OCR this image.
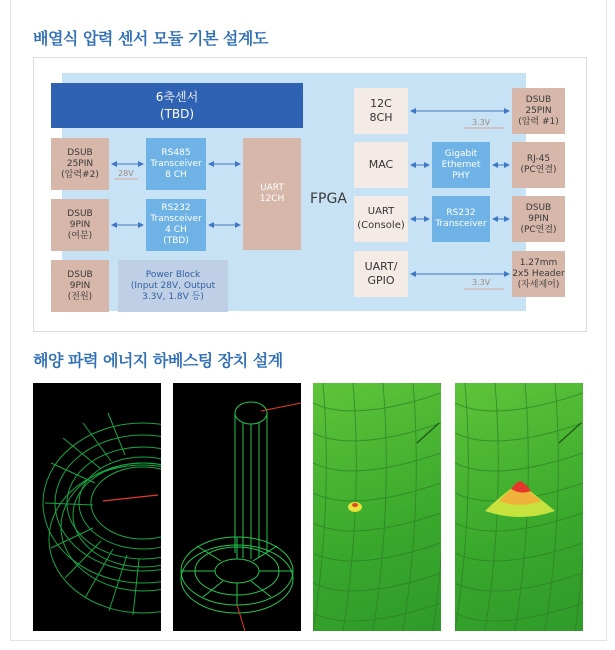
배열식 압력 센서 모듈 기본 설계도
FPGA
6축센서
(TBD)
DSUB
25PIN
(압력#2)
DSUB
9PIN
(여분)
DSUB
9PIN
(전원)
28V
RS485
Transceiver
8 CH
RS232
Transceiver
4 CH
(TBD)
Power Block
(Input 28V, Output
3.3V, 1.8V 등)
UART
12CH
12C
8CH
MAC
UART
(Console)
UART/
GPIO
Gigabit
Ethernet
PHY
RS232
Transceiver
DSUB
25PIN
(압력 #1)
RJ-45
(PC연결)
DSUB
9PIN
(PC연결)
1.27mm
2x5 Header
(자세제어)
3.3V
3.3V
해양 파력 에너지 하베스팅 장치 설계
